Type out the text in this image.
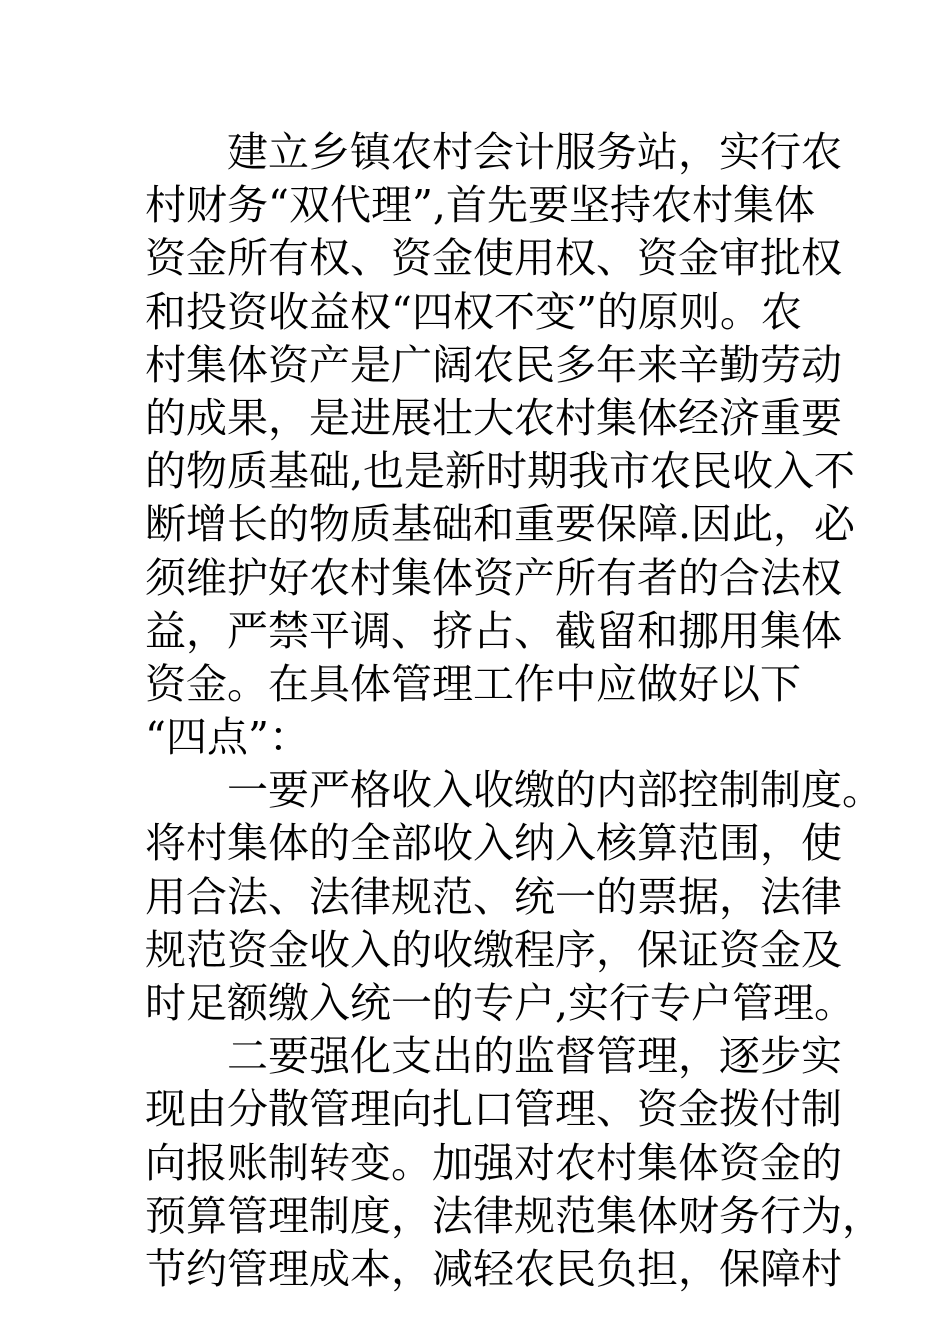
建立乡镇农村会计服务站，实行农
村财务“双代理”,首先要坚持农村集体
资金所有权、资金使用权、资金审批权
和投资收益权“四权不变”的原则。农
村集体资产是广阔农民多年来辛勤劳动
的成果，是进展壮大农村集体经济重要
的物质基础,也是新时期我市农民收入不
断增长的物质基础和重要保障.因此，必
须维护好农村集体资产所有者的合法权
益，严禁平调、挤占、截留和挪用集体
资金。在具体管理工作中应做好以下
“四点”：
一要严格收入收缴的内部控制制度。
将村集体的全部收入纳入核算范围，使
用合法、法律规范、统一的票据，法律
规范资金收入的收缴程序，保证资金及
时足额缴入统一的专户,实行专户管理。
二要强化支出的监督管理，逐步实
现由分散管理向扎口管理、资金拨付制
向报账制转变。加强对农村集体资金的
预算管理制度，法律规范集体财务行为，
节约管理成本，减轻农民负担，保障村
